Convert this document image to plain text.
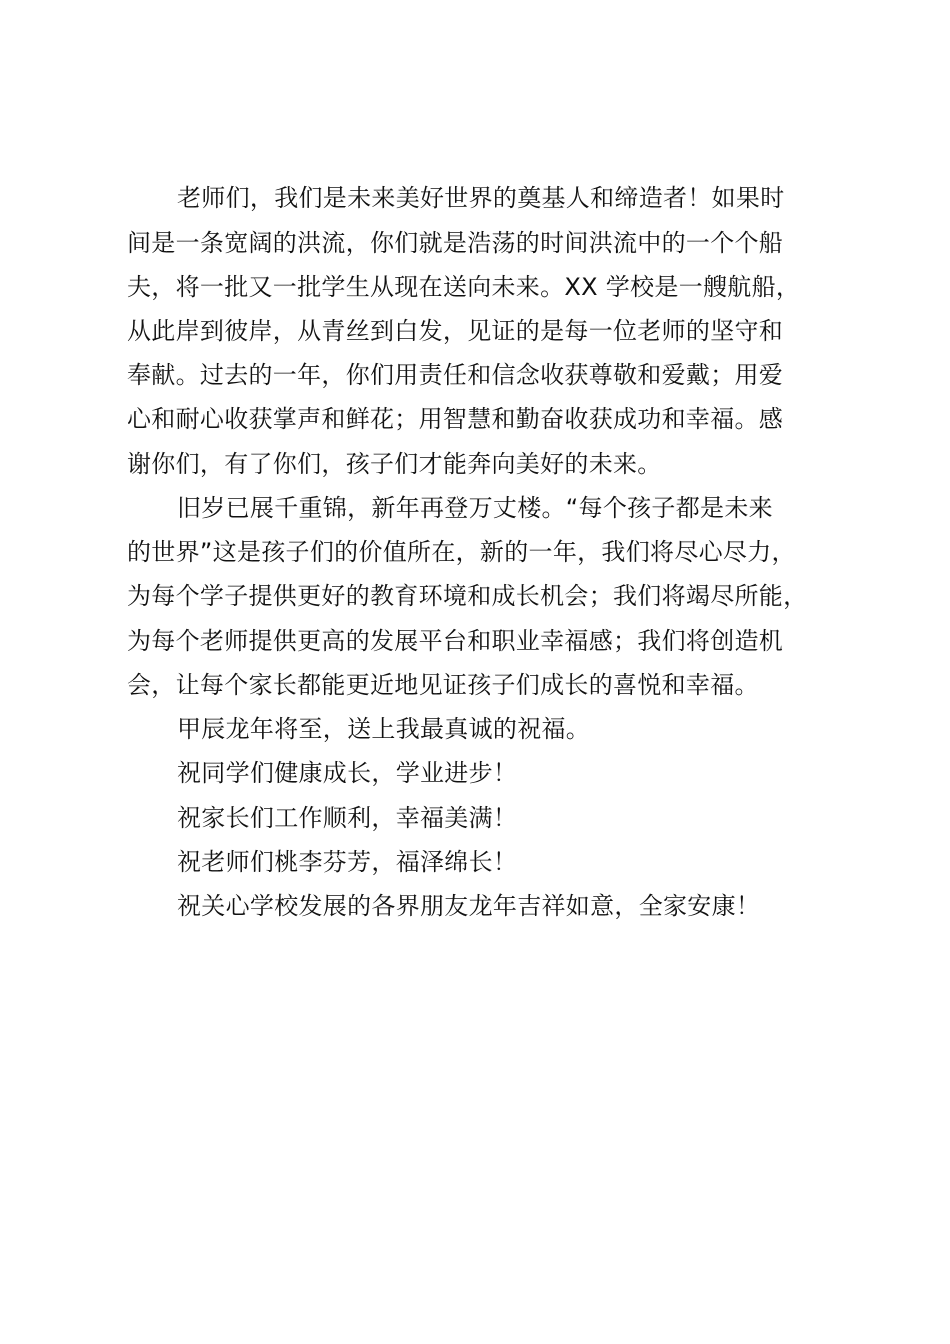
老师们，我们是未来美好世界的奠基人和缔造者！如果时
间是一条宽阔的洪流，你们就是浩荡的时间洪流中的一个个船
夫，将一批又一批学生从现在送向未来。XX 学校是一艘航船，
从此岸到彼岸，从青丝到白发，见证的是每一位老师的坚守和
奉献。过去的一年，你们用责任和信念收获尊敬和爱戴；用爱
心和耐心收获掌声和鲜花；用智慧和勤奋收获成功和幸福。感
谢你们，有了你们，孩子们才能奔向美好的未来。
旧岁已展千重锦，新年再登万丈楼。“每个孩子都是未来
的世界”这是孩子们的价值所在，新的一年，我们将尽心尽力，
为每个学子提供更好的教育环境和成长机会；我们将竭尽所能，
为每个老师提供更高的发展平台和职业幸福感；我们将创造机
会，让每个家长都能更近地见证孩子们成长的喜悦和幸福。
甲辰龙年将至，送上我最真诚的祝福。
祝同学们健康成长，学业进步！
祝家长们工作顺利，幸福美满！
祝老师们桃李芬芳，福泽绵长！
祝关心学校发展的各界朋友龙年吉祥如意，全家安康！
